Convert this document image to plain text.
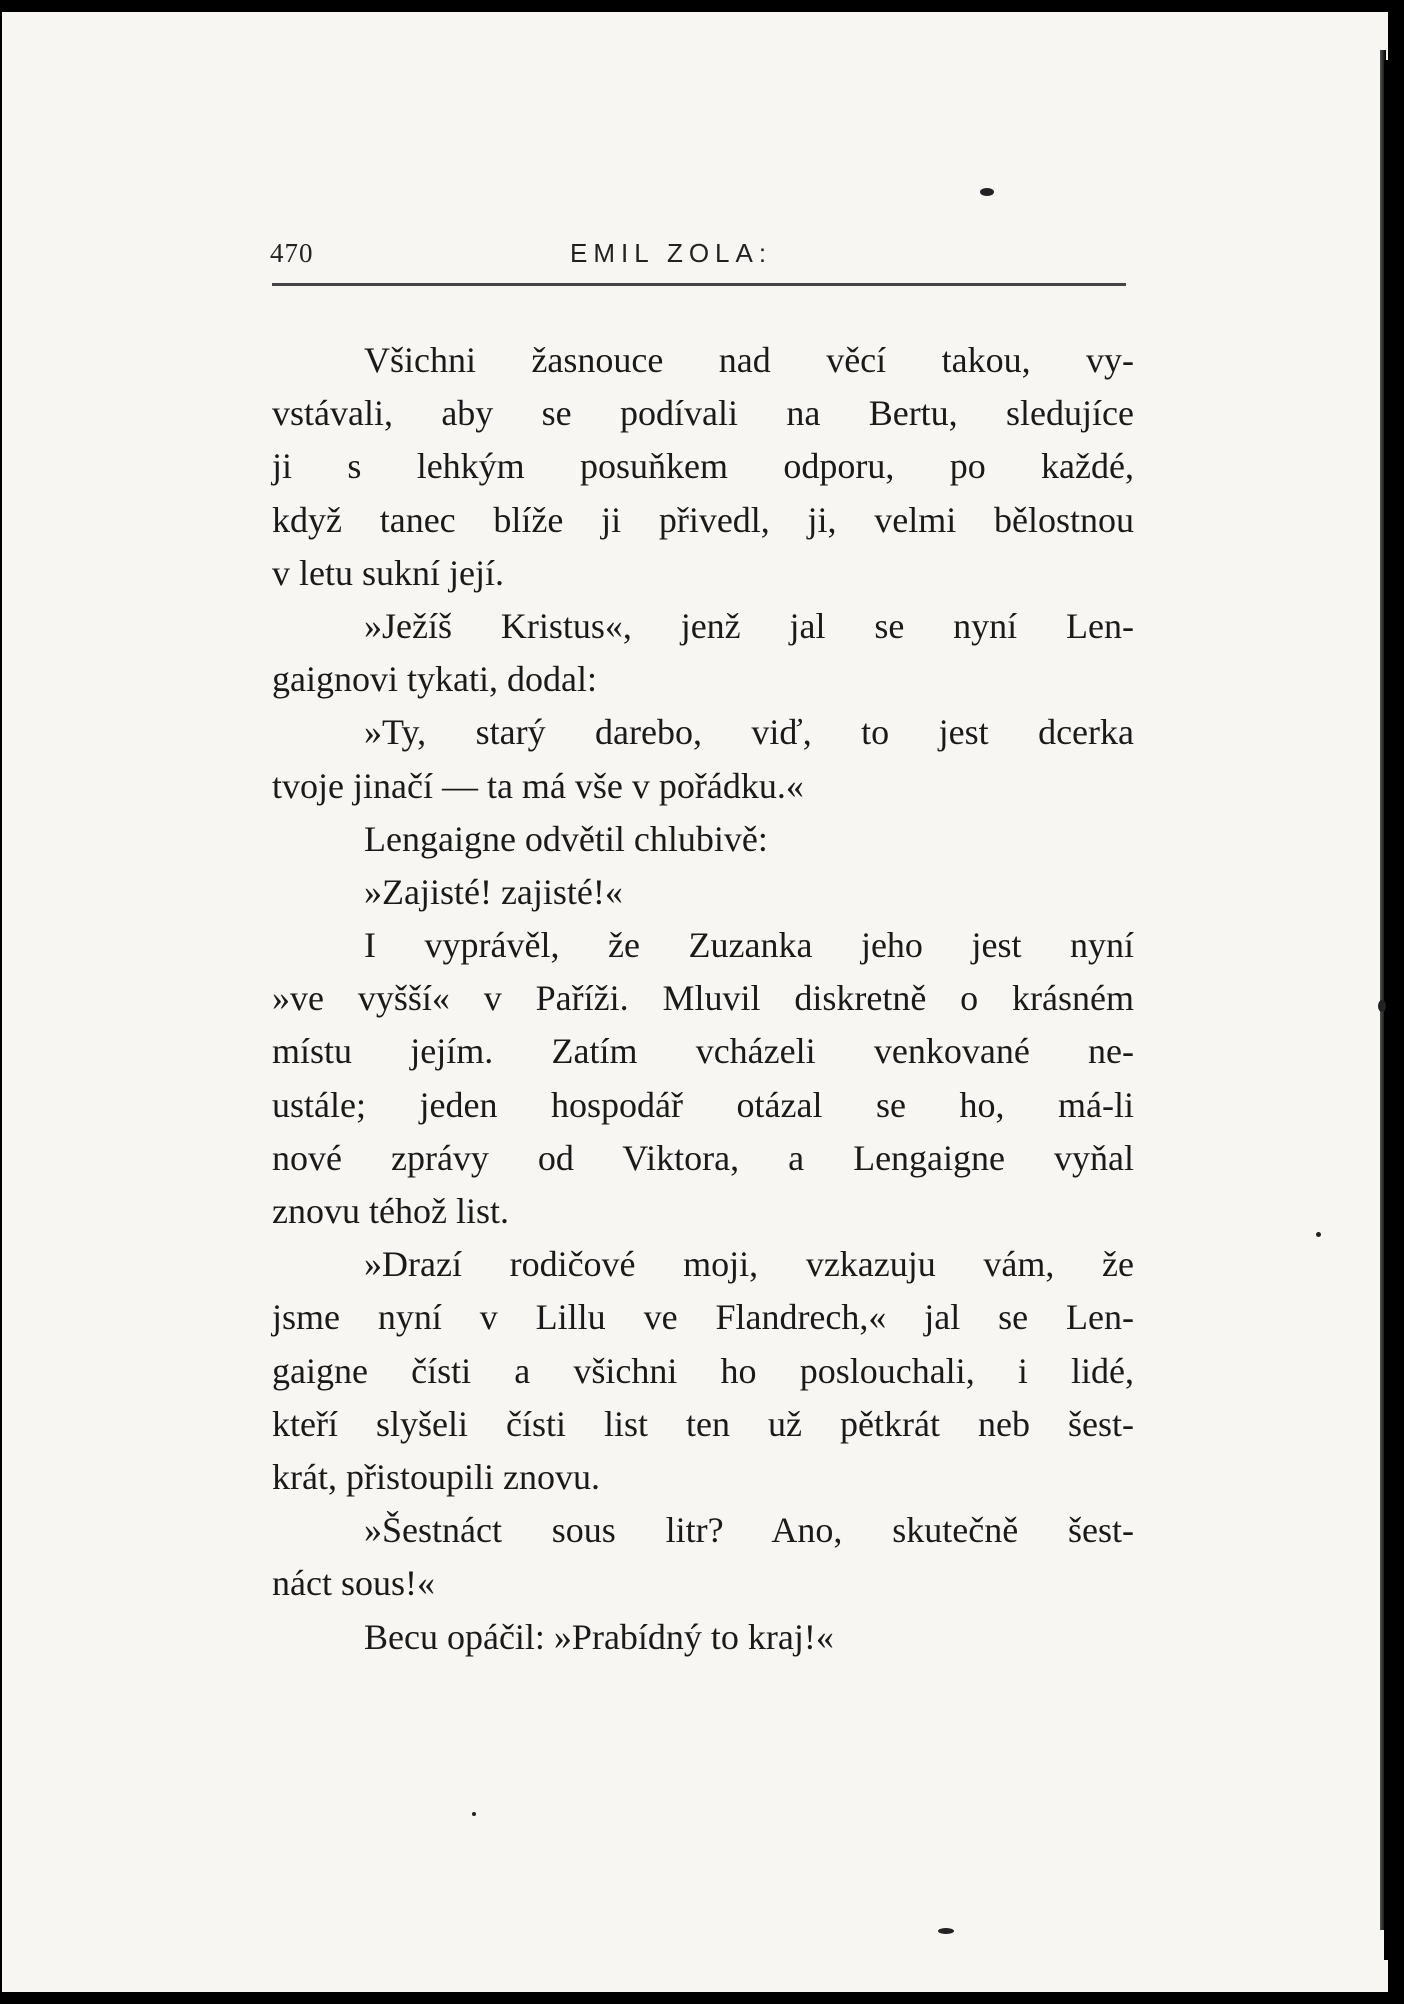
470	EMIL ZOLA:
Všichni žasnouce nad věcí takou, vy-
vstávali, aby se podívali na Bertu, sledujíce
ji s lehkým posuňkem odporu, po každé,
když tanec blíže ji přivedl, ji, velmi bělostnou
v letu sukní její.
»Ježíš Kristus«, jenž jal se nyní Len-
gaignovi tykati, dodal:
»Ty, starý darebo, viď, to jest dcerka
tvoje jinačí — ta má vše v pořádku.«
Lengaigne odvětil chlubivě:
»Zajisté! zajisté!«
I vyprávěl, že Zuzanka jeho jest nyní
»ve vyšší« v Paříži. Mluvil diskretně o krásném
místu jejím. Zatím vcházeli venkované ne-
ustále; jeden hospodář otázal se ho, má-li
nové zprávy od Viktora, a Lengaigne vyňal
znovu téhož list.
»Drazí rodičové moji, vzkazuju vám, že
jsme nyní v Lillu ve Flandrech,« jal se Len-
gaigne čísti a všichni ho poslouchali, i lidé,
kteří slyšeli čísti list ten už pětkrát neb šest-
krát, přistoupili znovu.
»Šestnáct sous litr? Ano, skutečně šest-
náct sous!«
Becu opáčil: »Prabídný to kraj!«
